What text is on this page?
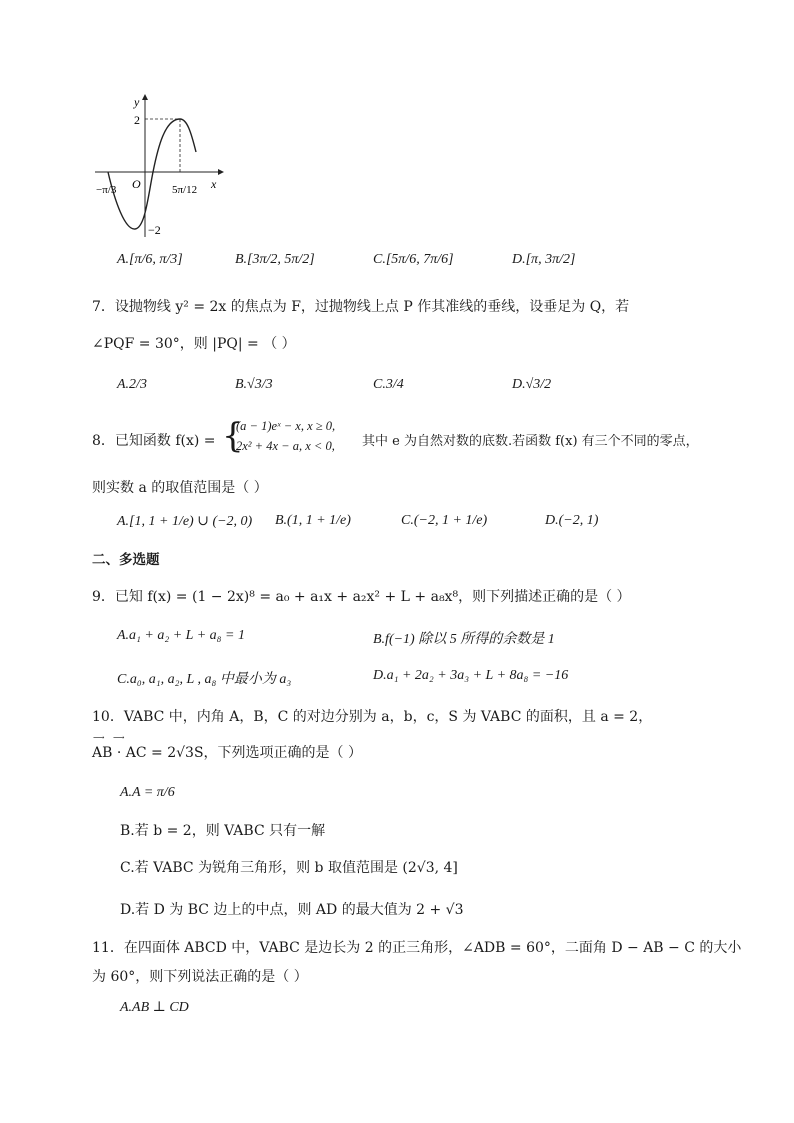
y
x
O
2
−2
−π/3	5π/12
A.[π/6, π/3]	B.[3π/2, 5π/2]	C.[5π/6, 7π/6]	D.[π, 3π/2]
7．设抛物线 y² = 2x 的焦点为 F，过抛物线上点 P 作其准线的垂线，设垂足为 Q，若
∠PQF = 30°，则 |PQ| = （ ）
A.2/3	B.√3/3	C.3/4	D.√3/2
8．已知函数 f(x) = {
(a − 1)eˣ − x, x ≥ 0,
2x² + 4x − a, x < 0, 其中 e 为自然对数的底数.若函数 f(x) 有三个不同的零点，
则实数 a 的取值范围是（ ）
A.[1, 1 + 1/e) ∪ (−2, 0) B.(1, 1 + 1/e)	C.(−2, 1 + 1/e)	D.(−2, 1)
二、多选题
9．已知 f(x) = (1 − 2x)⁸ = a₀ + a₁x + a₂x² + L + a₈x⁸，则下列描述正确的是（ ）
A.a₁ + a₂ + L + a₈ = 1	B.f(−1) 除以 5 所得的余数是 1
C.a₀, a₁, a₂, L , a₈ 中最小为 a₃	D.a₁ + 2a₂ + 3a₃ + L + 8a₈ = −16
10．VABC 中，内角 A，B，C 的对边分别为 a，b，c，S 为 VABC 的面积，且 a = 2，
⟶ ⟶
AB · AC = 2√3S，下列选项正确的是（ ）
A.A = π/6
B.若 b = 2，则 VABC 只有一解
C.若 VABC 为锐角三角形，则 b 取值范围是 (2√3, 4]
D.若 D 为 BC 边上的中点，则 AD 的最大值为 2 + √3
11．在四面体 ABCD 中，VABC 是边长为 2 的正三角形，∠ADB = 60°，二面角 D − AB − C 的大小
为 60°，则下列说法正确的是（ ）
A.AB ⊥ CD
